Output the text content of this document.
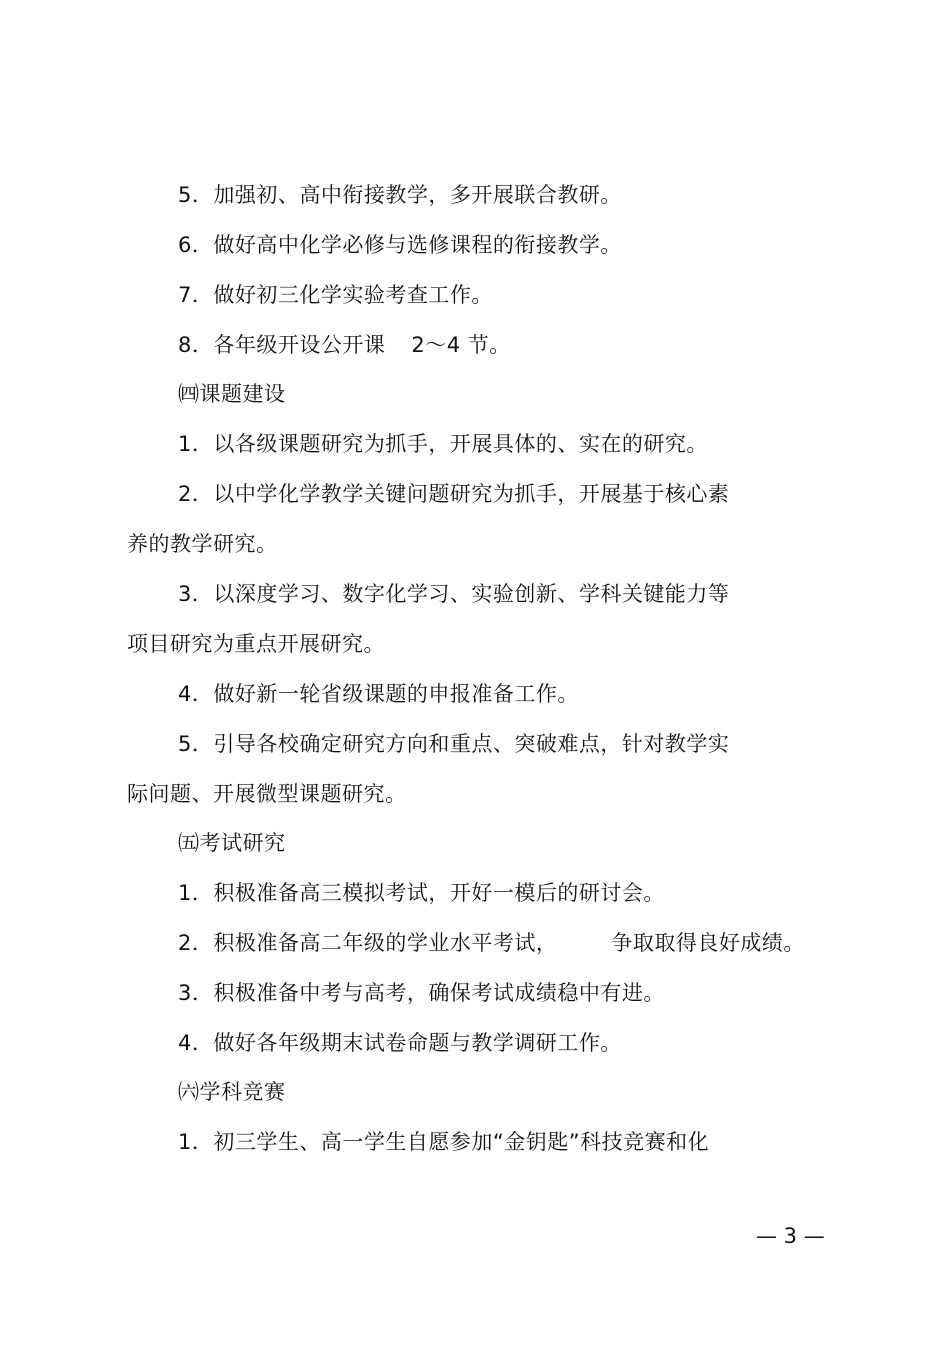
5．加强初、高中衔接教学，多开展联合教研。
6．做好高中化学必修与选修课程的衔接教学。
7．做好初三化学实验考查工作。
8．各年级开设公开课 2～4 节。
㈣课题建设
1．以各级课题研究为抓手，开展具体的、实在的研究。
2．以中学化学教学关键问题研究为抓手，开展基于核心素
养的教学研究。
3．以深度学习、数字化学习、实验创新、学科关键能力等
项目研究为重点开展研究。
4．做好新一轮省级课题的申报准备工作。
5．引导各校确定研究方向和重点、突破难点，针对教学实
际问题、开展微型课题研究。
㈤考试研究
1．积极准备高三模拟考试，开好一模后的研讨会。
2．积极准备高二年级的学业水平考试，	争取取得良好成绩。
3．积极准备中考与高考，确保考试成绩稳中有进。
4．做好各年级期末试卷命题与教学调研工作。
㈥学科竞赛
1．初三学生、高一学生自愿参加“金钥匙”科技竞赛和化
— 3 —
